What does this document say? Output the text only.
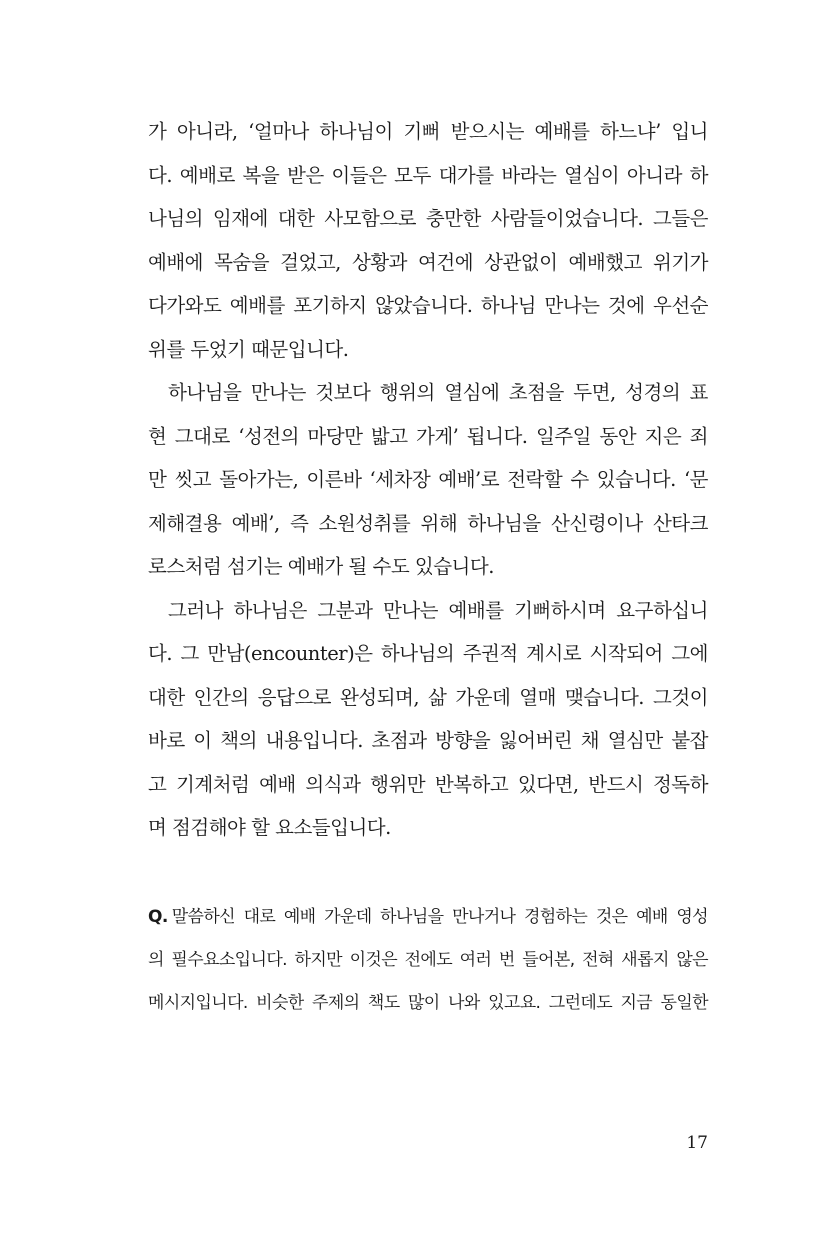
가 아니라, ‘얼마나 하나님이 기뻐 받으시는 예배를 하느냐’ 입니
다. 예배로 복을 받은 이들은 모두 대가를 바라는 열심이 아니라 하
나님의 임재에 대한 사모함으로 충만한 사람들이었습니다. 그들은
예배에 목숨을 걸었고, 상황과 여건에 상관없이 예배했고 위기가
다가와도 예배를 포기하지 않았습니다. 하나님 만나는 것에 우선순
위를 두었기 때문입니다.

하나님을 만나는 것보다 행위의 열심에 초점을 두면, 성경의 표
현 그대로 ‘성전의 마당만 밟고 가게’ 됩니다. 일주일 동안 지은 죄
만 씻고 돌아가는, 이른바 ‘세차장 예배’로 전락할 수 있습니다. ‘문
제해결용 예배’, 즉 소원성취를 위해 하나님을 산신령이나 산타크
로스처럼 섬기는 예배가 될 수도 있습니다.

그러나 하나님은 그분과 만나는 예배를 기뻐하시며 요구하십니
다. 그 만남(encounter)은 하나님의 주권적 계시로 시작되어 그에
대한 인간의 응답으로 완성되며, 삶 가운데 열매 맺습니다. 그것이
바로 이 책의 내용입니다. 초점과 방향을 잃어버린 채 열심만 붙잡
고 기계처럼 예배 의식과 행위만 반복하고 있다면, 반드시 정독하
며 점검해야 할 요소들입니다.

Q. 말씀하신 대로 예배 가운데 하나님을 만나거나 경험하는 것은 예배 영성
의 필수요소입니다. 하지만 이것은 전에도 여러 번 들어본, 전혀 새롭지 않은
메시지입니다. 비슷한 주제의 책도 많이 나와 있고요. 그런데도 지금 동일한

17
